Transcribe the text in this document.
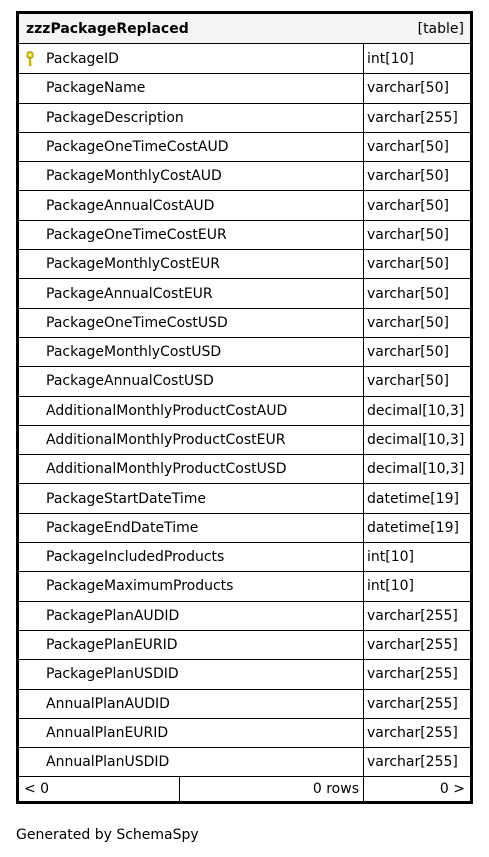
zzzPackageReplaced	[table]
PackageID	int[10]
PackageName	varchar[50]
PackageDescription	varchar[255]
PackageOneTimeCostAUD	varchar[50]
PackageMonthlyCostAUD	varchar[50]
PackageAnnualCostAUD	varchar[50]
PackageOneTimeCostEUR	varchar[50]
PackageMonthlyCostEUR	varchar[50]
PackageAnnualCostEUR	varchar[50]
PackageOneTimeCostUSD	varchar[50]
PackageMonthlyCostUSD	varchar[50]
PackageAnnualCostUSD	varchar[50]
AdditionalMonthlyProductCostAUD	decimal[10,3]
AdditionalMonthlyProductCostEUR	decimal[10,3]
AdditionalMonthlyProductCostUSD	decimal[10,3]
PackageStartDateTime	datetime[19]
PackageEndDateTime	datetime[19]
PackageIncludedProducts	int[10]
PackageMaximumProducts	int[10]
PackagePlanAUDID	varchar[255]
PackagePlanEURID	varchar[255]
PackagePlanUSDID	varchar[255]
AnnualPlanAUDID	varchar[255]
AnnualPlanEURID	varchar[255]
AnnualPlanUSDID	varchar[255]
< 0	0 rows	0 >
Generated by SchemaSpy
